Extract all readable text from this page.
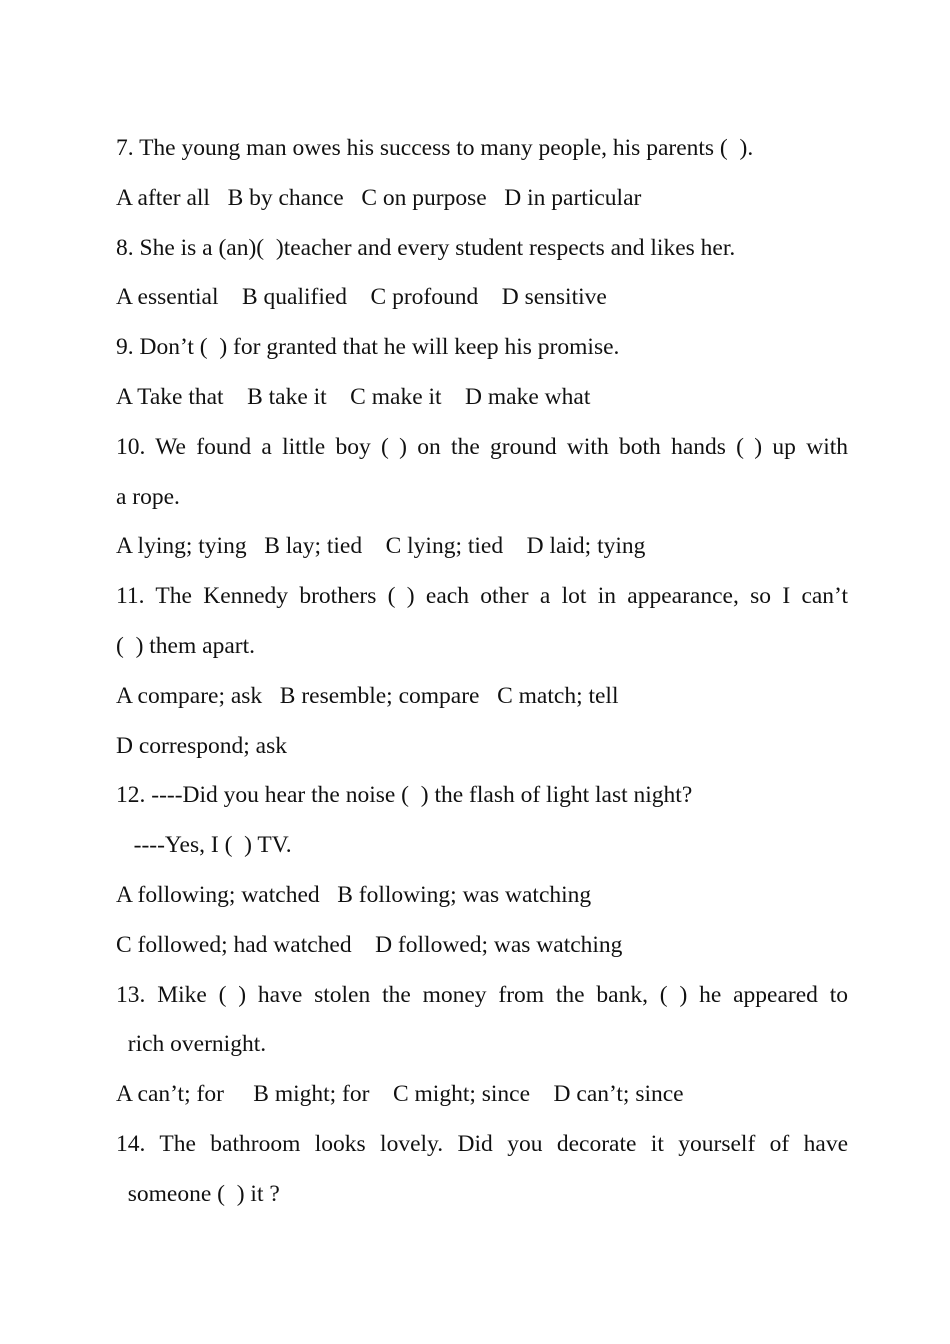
7. The young man owes his success to many people, his parents (  ).
A after all   B by chance   C on purpose   D in particular
8. She is a (an)(  )teacher and every student respects and likes her.
A essential    B qualified    C profound    D sensitive
9. Don’t (  ) for granted that he will keep his promise.
A Take that    B take it    C make it    D make what
10. We found a little boy ( ) on the ground with both hands ( ) up with
a rope.
A lying; tying   B lay; tied    C lying; tied    D laid; tying
11. The Kennedy brothers ( ) each other a lot in appearance, so I can’t
(  ) them apart.
A compare; ask   B resemble; compare   C match; tell
D correspond; ask
12. ----Did you hear the noise (  ) the flash of light last night?
----Yes, I (  ) TV.
A following; watched   B following; was watching
C followed; had watched    D followed; was watching
13. Mike ( ) have stolen the money from the bank, ( ) he appeared to
rich overnight.
A can’t; for     B might; for    C might; since    D can’t; since
14. The bathroom looks lovely. Did you decorate it yourself of have
someone (  ) it ?
